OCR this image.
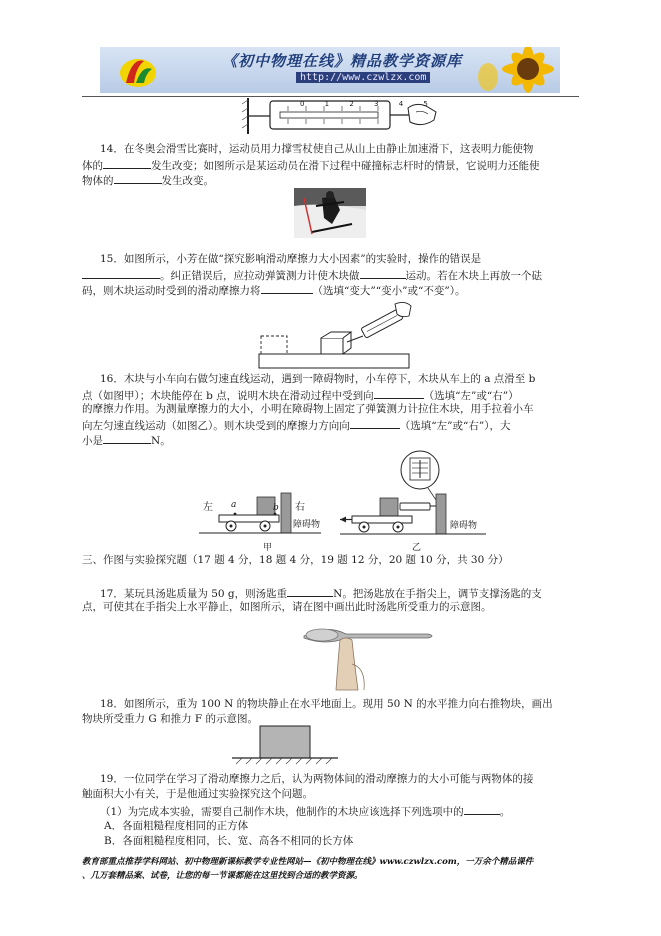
《初中物理在线》精品教学资源库
http://www.czwlzx.com
0 1 2 3 4 5
14．在冬奥会滑雪比赛时，运动员用力撑雪杖使自己从山上由静止加速滑下，这表明力能使物
体的	发生改变；如图所示是某运动员在滑下过程中碰撞标志杆时的情景，它说明力还能使
物体的	发生改变。
15．如图所示，小芳在做“探究影响滑动摩擦力大小因素”的实验时，操作的错误是
。纠正错误后，应拉动弹簧测力计使木块做	运动。若在木块上再放一个砝
码，则木块运动时受到的滑动摩擦力将	（选填“变大”“变小”或“不变”）。
16．木块与小车向右做匀速直线运动，遇到一障碍物时，小车停下，木块从车上的 a 点滑至 b
点（如图甲）；木块能停在 b 点，说明木块在滑动过程中受到向	（选填“左”或“右”）
的摩擦力作用。为测量摩擦力的大小，小明在障碍物上固定了弹簧测力计拉住木块，用手拉着小车
向左匀速直线运动（如图乙）。则木块受到的摩擦力方向向	（选填“左”或“右”），大
小是	N。
左	右
a	b
障碍物
甲
障碍物
乙
三、作图与实验探究题（17 题 4 分，18 题 4 分，19 题 12 分，20 题 10 分，共 30 分）
17．某玩具汤匙质量为 50 g，则汤匙重	N。把汤匙放在手指尖上，调节支撑汤匙的支
点，可使其在手指尖上水平静止，如图所示，请在图中画出此时汤匙所受重力的示意图。
18．如图所示，重为 100 N 的物块静止在水平地面上。现用 50 N 的水平推力向右推物块，画出
物块所受重力 G 和推力 F 的示意图。
19．一位同学在学习了滑动摩擦力之后，认为两物体间的滑动摩擦力的大小可能与两物体的接
触面积大小有关，于是他通过实验探究这个问题。
（1）为完成本实验，需要自己制作木块，他制作的木块应该选择下列选项中的	。
A．各面粗糙程度相同的正方体
B．各面粗糙程度相同，长、宽、高各不相同的长方体
教育部重点推荐学科网站、初中物理新课标教学专业性网站—《初中物理在线》www.czwlzx.com，一万余个精品课件
、几万套精品案、试卷，让您的每一节课都能在这里找到合适的教学资源。
